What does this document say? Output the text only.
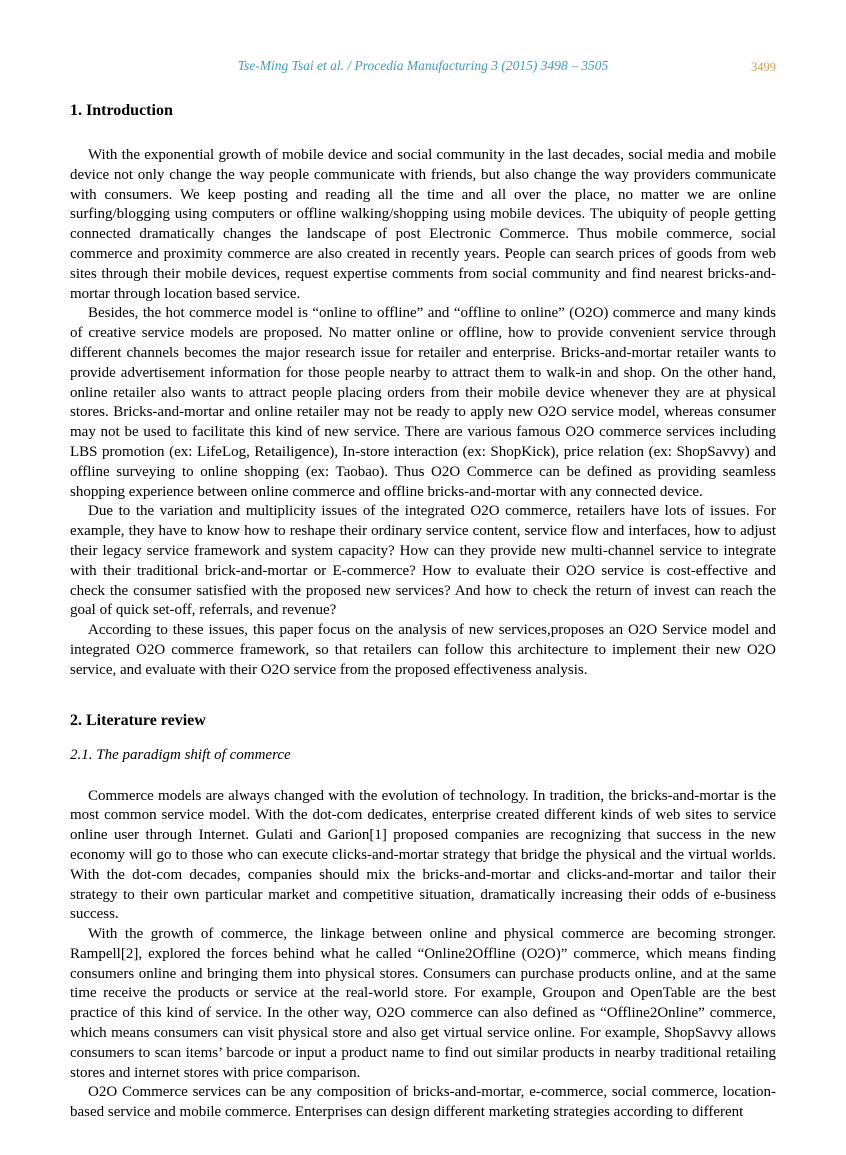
Tse-Ming Tsai et al. / Procedia Manufacturing 3 (2015) 3498 – 3505	3499
1. Introduction

With the exponential growth of mobile device and social community in the last decades, social media and mobile device not only change the way people communicate with friends, but also change the way providers communicate with consumers. We keep posting and reading all the time and all over the place, no matter we are online surfing/blogging using computers or offline walking/shopping using mobile devices. The ubiquity of people getting connected dramatically changes the landscape of post Electronic Commerce. Thus mobile commerce, social commerce and proximity commerce are also created in recently years. People can search prices of goods from web sites through their mobile devices, request expertise comments from social community and find nearest bricks-and-mortar through location based service.

Besides, the hot commerce model is “online to offline” and “offline to online” (O2O) commerce and many kinds of creative service models are proposed. No matter online or offline, how to provide convenient service through different channels becomes the major research issue for retailer and enterprise. Bricks-and-mortar retailer wants to provide advertisement information for those people nearby to attract them to walk-in and shop. On the other hand, online retailer also wants to attract people placing orders from their mobile device whenever they are at physical stores. Bricks-and-mortar and online retailer may not be ready to apply new O2O service model, whereas consumer may not be used to facilitate this kind of new service. There are various famous O2O commerce services including LBS promotion (ex: LifeLog, Retailigence), In-store interaction (ex: ShopKick), price relation (ex: ShopSavvy) and offline surveying to online shopping (ex: Taobao). Thus O2O Commerce can be defined as providing seamless shopping experience between online commerce and offline bricks-and-mortar with any connected device.

Due to the variation and multiplicity issues of the integrated O2O commerce, retailers have lots of issues. For example, they have to know how to reshape their ordinary service content, service flow and interfaces, how to adjust their legacy service framework and system capacity? How can they provide new multi-channel service to integrate with their traditional brick-and-mortar or E-commerce? How to evaluate their O2O service is cost-effective and check the consumer satisfied with the proposed new services? And how to check the return of invest can reach the goal of quick set-off, referrals, and revenue?

According to these issues, this paper focus on the analysis of new services,proposes an O2O Service model and integrated O2O commerce framework, so that retailers can follow this architecture to implement their new O2O service, and evaluate with their O2O service from the proposed effectiveness analysis.

2. Literature review
2.1. The paradigm shift of commerce

Commerce models are always changed with the evolution of technology. In tradition, the bricks-and-mortar is the most common service model. With the dot-com dedicates, enterprise created different kinds of web sites to service online user through Internet. Gulati and Garion[1] proposed companies are recognizing that success in the new economy will go to those who can execute clicks-and-mortar strategy that bridge the physical and the virtual worlds. With the dot-com decades, companies should mix the bricks-and-mortar and clicks-and-mortar and tailor their strategy to their own particular market and competitive situation, dramatically increasing their odds of e-business success.

With the growth of commerce, the linkage between online and physical commerce are becoming stronger. Rampell[2], explored the forces behind what he called “Online2Offline (O2O)” commerce, which means finding consumers online and bringing them into physical stores. Consumers can purchase products online, and at the same time receive the products or service at the real-world store. For example, Groupon and OpenTable are the best practice of this kind of service. In the other way, O2O commerce can also defined as “Offline2Online” commerce, which means consumers can visit physical store and also get virtual service online. For example, ShopSavvy allows consumers to scan items’ barcode or input a product name to find out similar products in nearby traditional retailing stores and internet stores with price comparison.

O2O Commerce services can be any composition of bricks-and-mortar, e-commerce, social commerce, location-based service and mobile commerce. Enterprises can design different marketing strategies according to different
